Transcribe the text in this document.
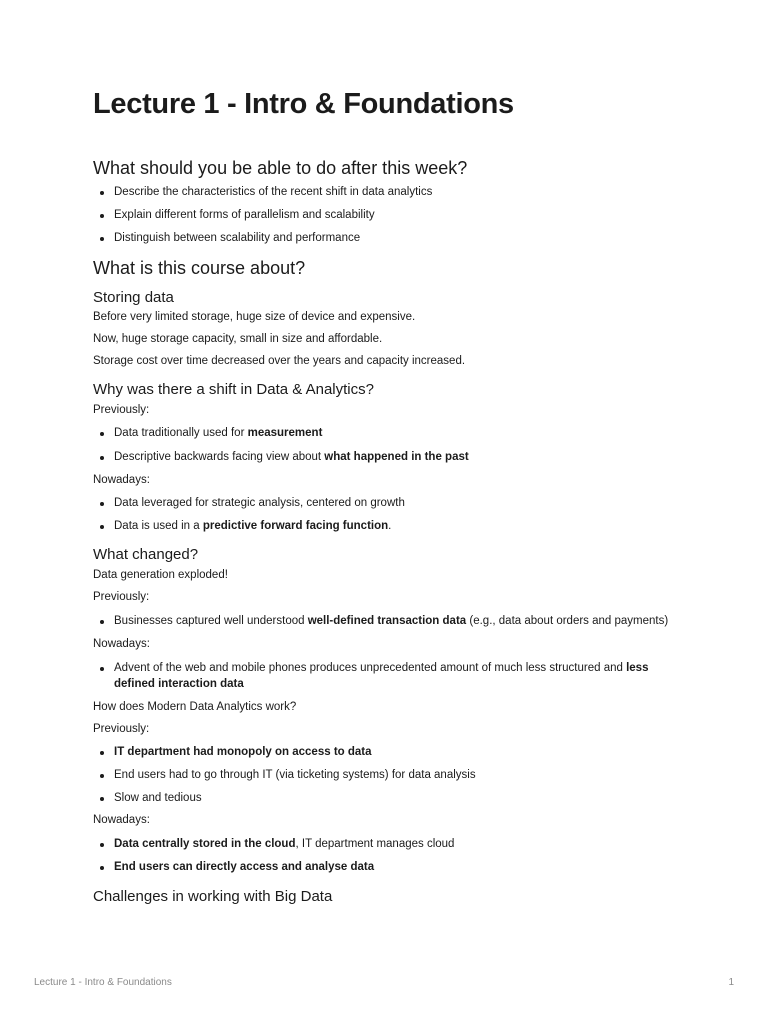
Lecture 1 - Intro & Foundations
What should you be able to do after this week?
Describe the characteristics of the recent shift in data analytics
Explain different forms of parallelism and scalability
Distinguish between scalability and performance
What is this course about?
Storing data

Before very limited storage, huge size of device and expensive.

Now, huge storage capacity, small in size and affordable.

Storage cost over time decreased over the years and capacity increased.

Why was there a shift in Data & Analytics?

Previously:

Data traditionally used for measurement
Descriptive backwards facing view about what happened in the past

Nowadays:

Data leveraged for strategic analysis, centered on growth
Data is used in a predictive forward facing function.
What changed?

Data generation exploded!

Previously:

Businesses captured well understood well-defined transaction data (e.g., data about orders and payments)

Nowadays:

Advent of the web and mobile phones produces unprecedented amount of much less structured and less defined interaction data

How does Modern Data Analytics work?

Previously:

IT department had monopoly on access to data
End users had to go through IT (via ticketing systems) for data analysis
Slow and tedious

Nowadays:

Data centrally stored in the cloud, IT department manages cloud
End users can directly access and analyse data
Challenges in working with Big Data
Lecture 1 - Intro & Foundations	1
